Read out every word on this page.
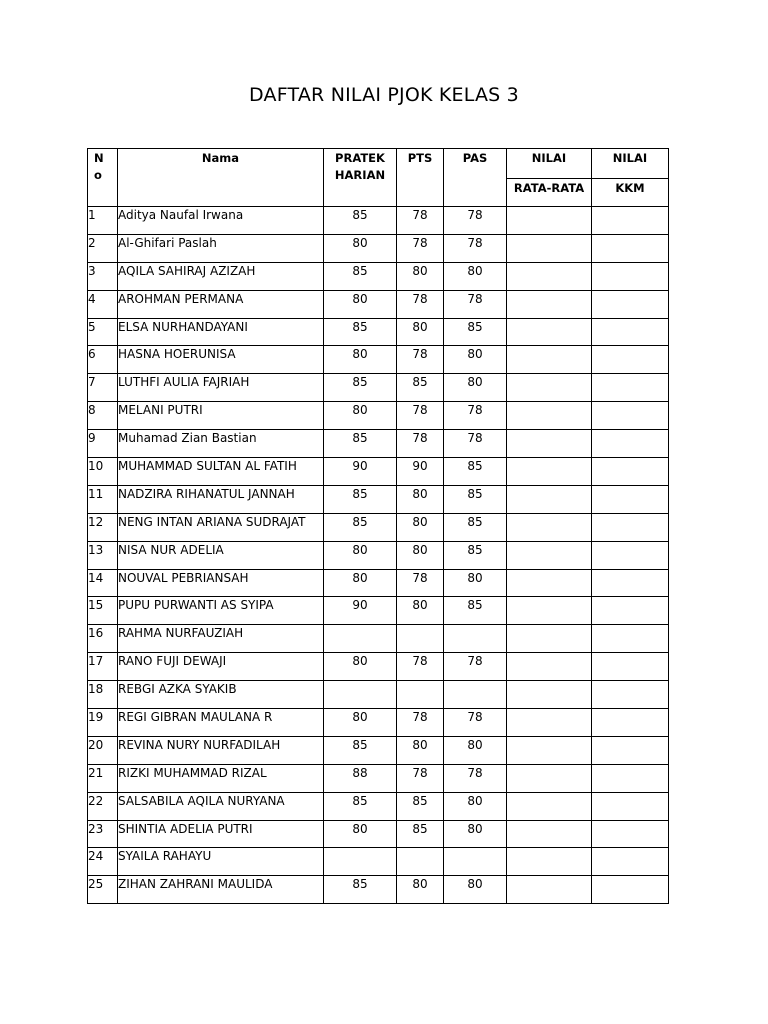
DAFTAR NILAI PJOK KELAS 3
No	Nama	PRATEK HARIAN	PTS	PAS	NILAI	NILAI
					RATA-RATA	KKM
1	Aditya Naufal Irwana	85	78	78		
2	Al-Ghifari Paslah	80	78	78		
3	AQILA SAHIRAJ AZIZAH	85	80	80		
4	AROHMAN PERMANA	80	78	78		
5	ELSA NURHANDAYANI	85	80	85		
6	HASNA HOERUNISA	80	78	80		
7	LUTHFI AULIA FAJRIAH	85	85	80		
8	MELANI PUTRI	80	78	78		
9	Muhamad Zian Bastian	85	78	78		
10	MUHAMMAD SULTAN AL FATIH	90	90	85		
11	NADZIRA RIHANATUL JANNAH	85	80	85		
12	NENG INTAN ARIANA SUDRAJAT	85	80	85		
13	NISA NUR ADELIA	80	80	85		
14	NOUVAL PEBRIANSAH	80	78	80		
15	PUPU PURWANTI AS SYIPA	90	80	85		
16	RAHMA NURFAUZIAH					
17	RANO FUJI DEWAJI	80	78	78		
18	REBGI AZKA SYAKIB					
19	REGI GIBRAN MAULANA R	80	78	78		
20	REVINA NURY NURFADILAH	85	80	80		
21	RIZKI MUHAMMAD RIZAL	88	78	78		
22	SALSABILA AQILA NURYANA	85	85	80		
23	SHINTIA ADELIA PUTRI	80	85	80		
24	SYAILA RAHAYU					
25	ZIHAN ZAHRANI MAULIDA	85	80	80		
